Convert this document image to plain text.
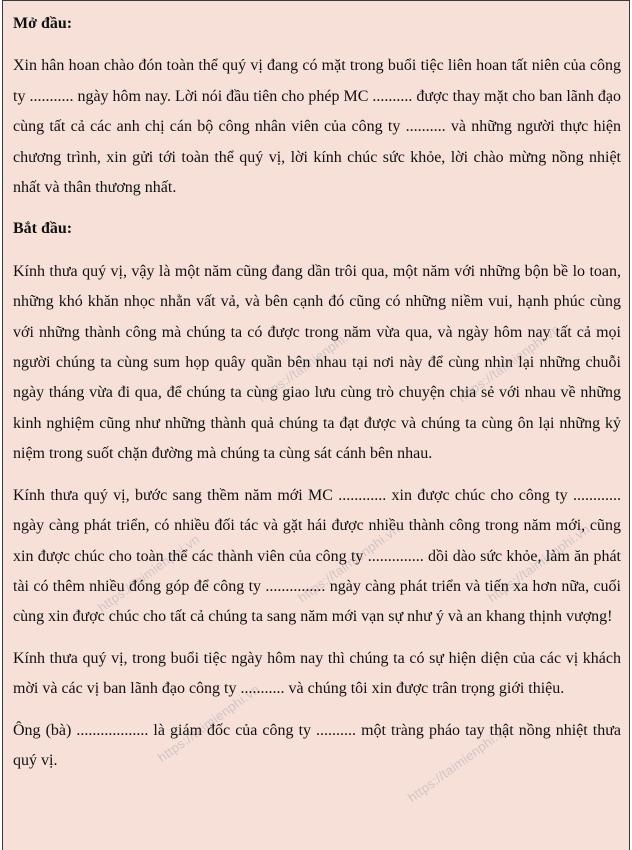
https://taimienphi.vn	https://taimienphi.vn
https://taimienphi.vn	https://taimienphi.vn	https://taimienphi.vn
https://taimienphi.vn	https://taimienphi.vn

Mở đầu:

Xin hân hoan chào đón toàn thể quý vị đang có mặt trong buổi tiệc liên hoan tất niên của công ty ........... ngày hôm nay. Lời nói đầu tiên cho phép MC .......... được thay mặt cho ban lãnh đạo cùng tất cả các anh chị cán bộ công nhân viên của công ty .......... và những người thực hiện chương trình, xin gửi tới toàn thể quý vị, lời kính chúc sức khỏe, lời chào mừng nồng nhiệt nhất và thân thương nhất.

Bắt đầu:

Kính thưa quý vị, vậy là một năm cũng đang dần trôi qua, một năm với những bộn bề lo toan, những khó khăn nhọc nhằn vất vả, và bên cạnh đó cũng có những niềm vui, hạnh phúc cùng với những thành công mà chúng ta có được trong năm vừa qua, và ngày hôm nay tất cả mọi người chúng ta cùng sum họp quây quần bên nhau tại nơi này để cùng nhìn lại những chuỗi ngày tháng vừa đi qua, để chúng ta cùng giao lưu cùng trò chuyện chia sẻ với nhau về những kinh nghiệm cũng như những thành quả chúng ta đạt được và chúng ta cùng ôn lại những kỷ niệm trong suốt chặn đường mà chúng ta cùng sát cánh bên nhau.

Kính thưa quý vị, bước sang thềm năm mới MC ............ xin được chúc cho công ty ............ ngày càng phát triển, có nhiều đối tác và gặt hái được nhiều thành công trong năm mới, cũng xin được chúc cho toàn thể các thành viên của công ty .............. dồi dào sức khỏe, làm ăn phát tài có thêm nhiều đóng góp để công ty ............... ngày càng phát triển và tiến xa hơn nữa, cuối cùng xin được chúc cho tất cả chúng ta sang năm mới vạn sự như ý và an khang thịnh vượng!

Kính thưa quý vị, trong buổi tiệc ngày hôm nay thì chúng ta có sự hiện diện của các vị khách mời và các vị ban lãnh đạo công ty ........... và chúng tôi xin được trân trọng giới thiệu.

Ông (bà) .................. là giám đốc của công ty .......... một tràng pháo tay thật nồng nhiệt thưa quý vị.
